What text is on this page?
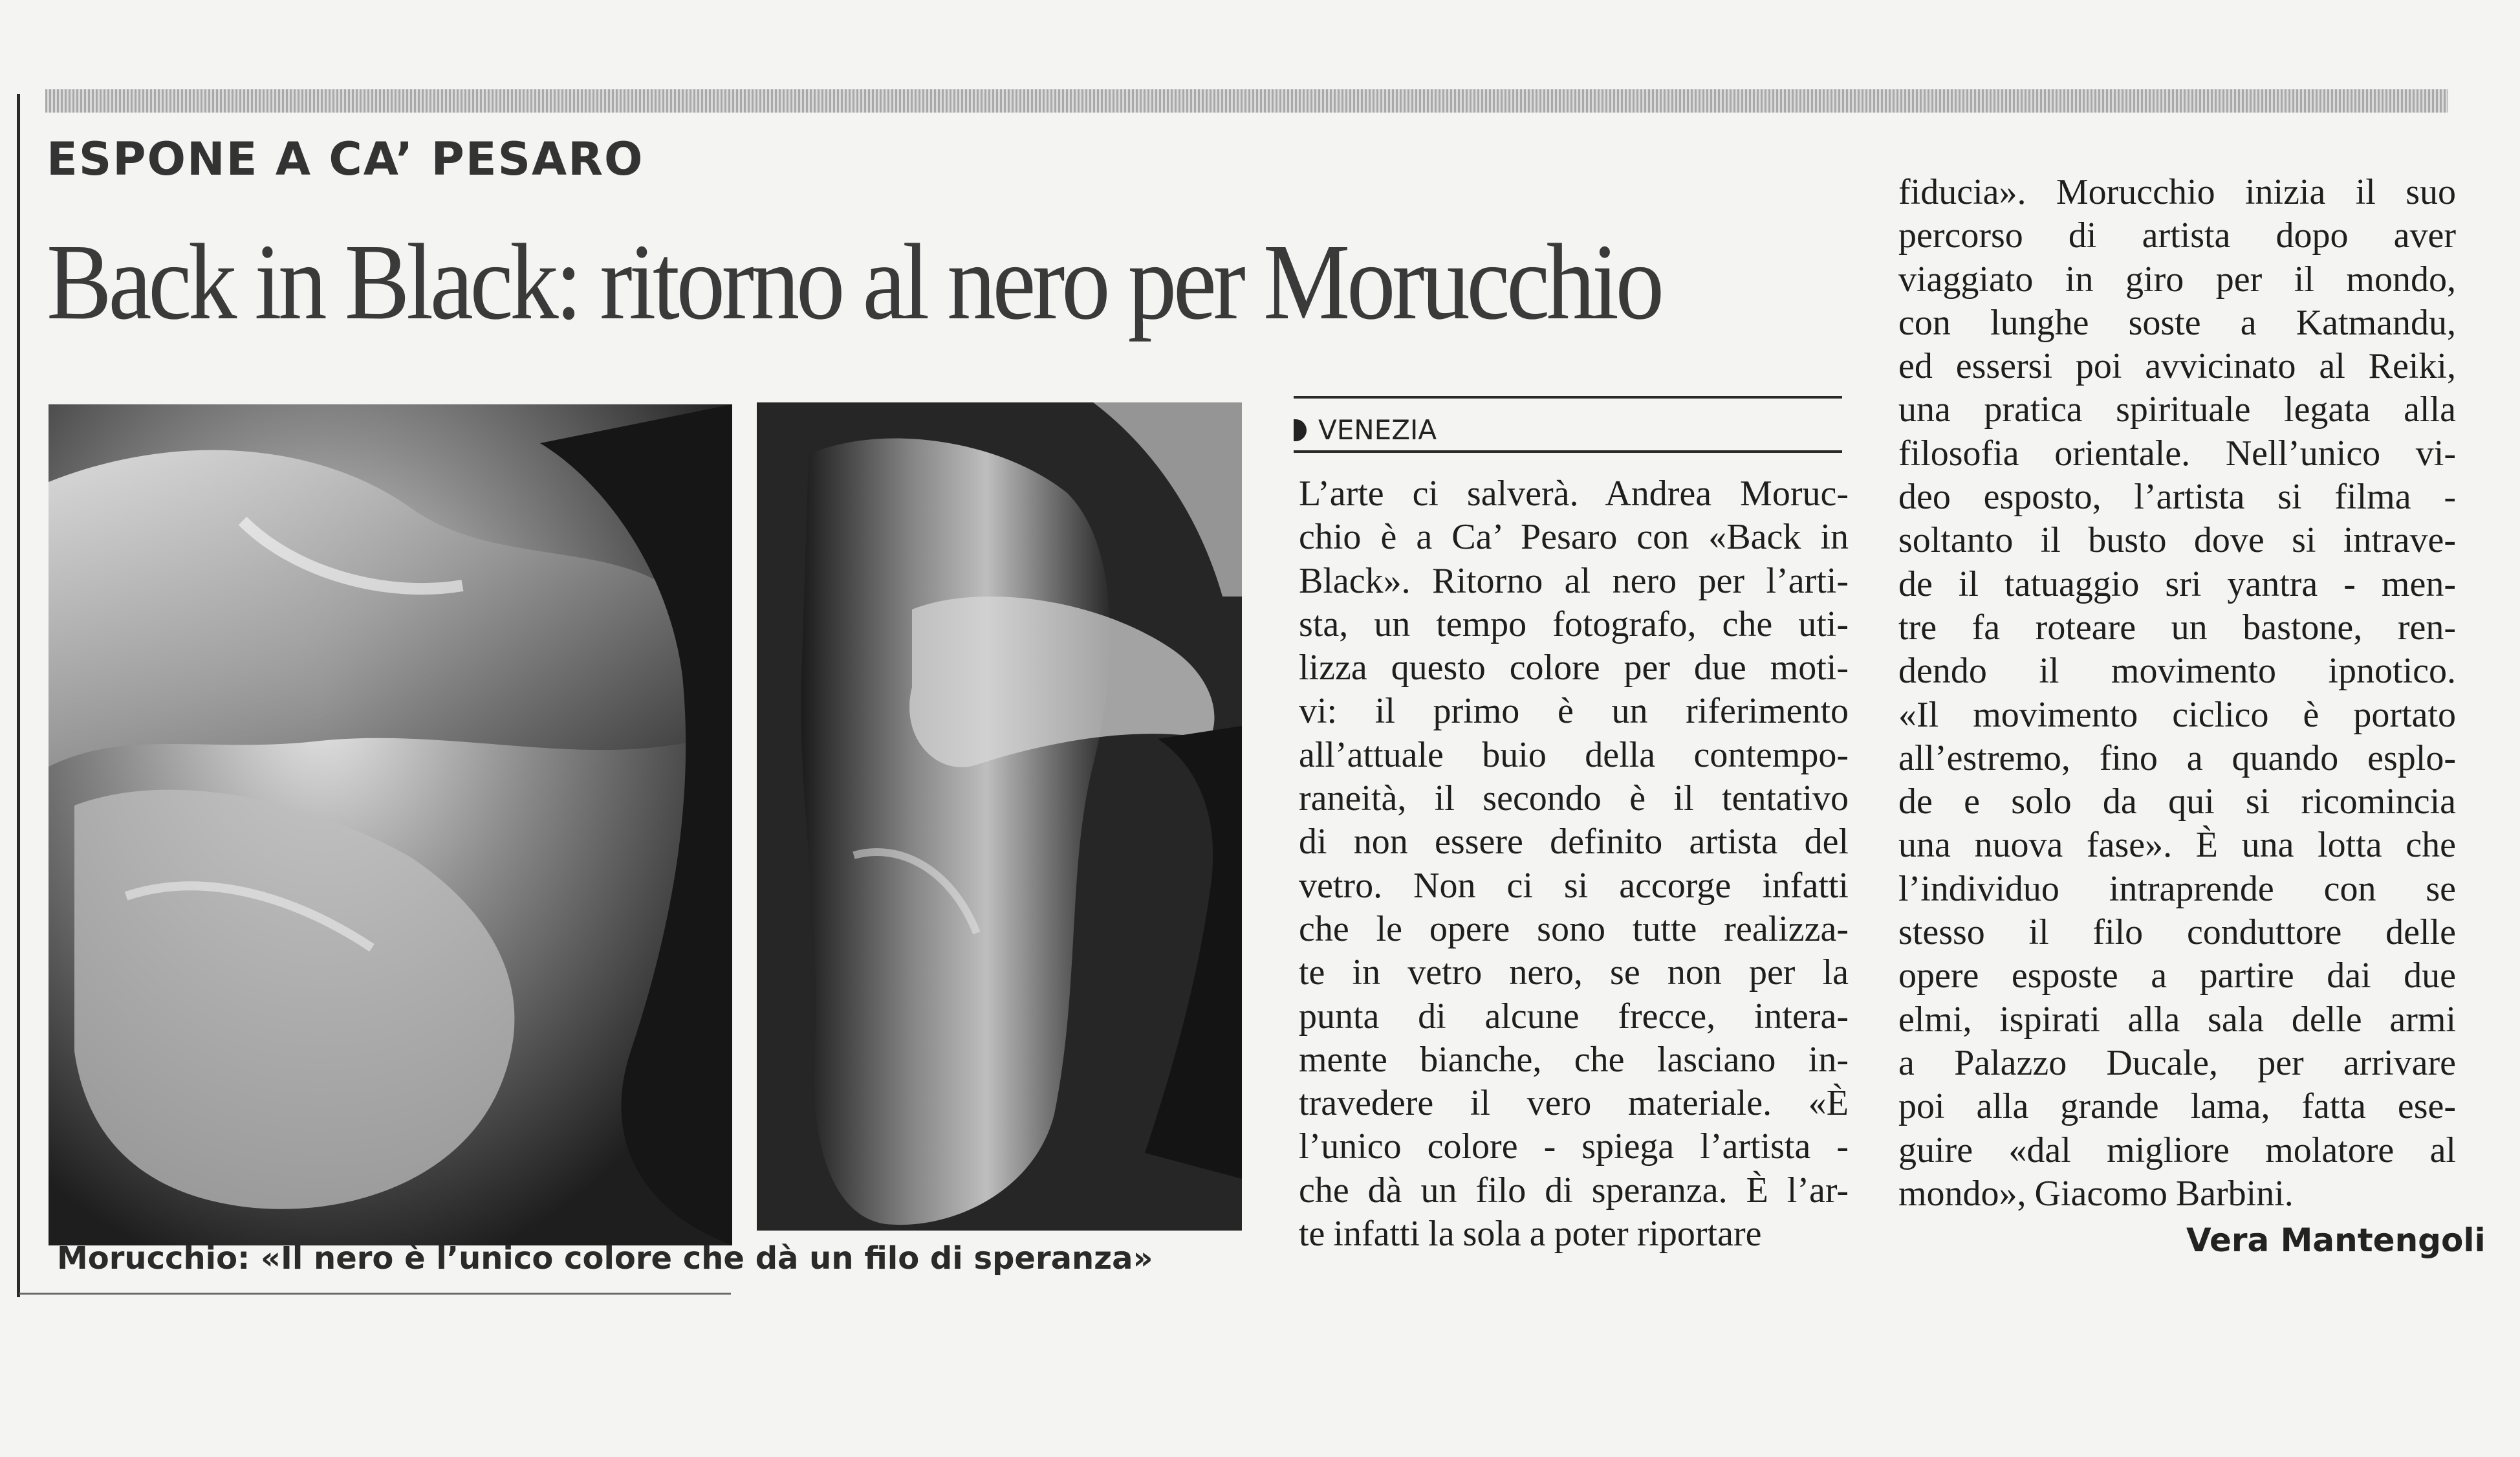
ESPONE A CA’ PESARO
Back in Black: ritorno al nero per Morucchio
Morucchio: «Il nero è l’unico colore che dà un filo di speranza»
VENEZIA
L’arte ci salverà. Andrea Moruc-
chio è a Ca’ Pesaro con «Back in
Black». Ritorno al nero per l’arti-
sta, un tempo fotografo, che uti-
lizza questo colore per due moti-
vi: il primo è un riferimento
all’attuale buio della contempo-
raneità, il secondo è il tentativo
di non essere definito artista del
vetro. Non ci si accorge infatti
che le opere sono tutte realizza-
te in vetro nero, se non per la
punta di alcune frecce, intera-
mente bianche, che lasciano in-
travedere il vero materiale. «È
l’unico colore - spiega l’artista -
che dà un filo di speranza. È l’ar-
te infatti la sola a poter riportare
fiducia». Morucchio inizia il suo
percorso di artista dopo aver
viaggiato in giro per il mondo,
con lunghe soste a Katmandu,
ed essersi poi avvicinato al Reiki,
una pratica spirituale legata alla
filosofia orientale. Nell’unico vi-
deo esposto, l’artista si filma -
soltanto il busto dove si intrave-
de il tatuaggio sri yantra - men-
tre fa roteare un bastone, ren-
dendo il movimento ipnotico.
«Il movimento ciclico è portato
all’estremo, fino a quando esplo-
de e solo da qui si ricomincia
una nuova fase». È una lotta che
l’individuo intraprende con se
stesso il filo conduttore delle
opere esposte a partire dai due
elmi, ispirati alla sala delle armi
a Palazzo Ducale, per arrivare
poi alla grande lama, fatta ese-
guire «dal migliore molatore al
mondo», Giacomo Barbini.
Vera Mantengoli
